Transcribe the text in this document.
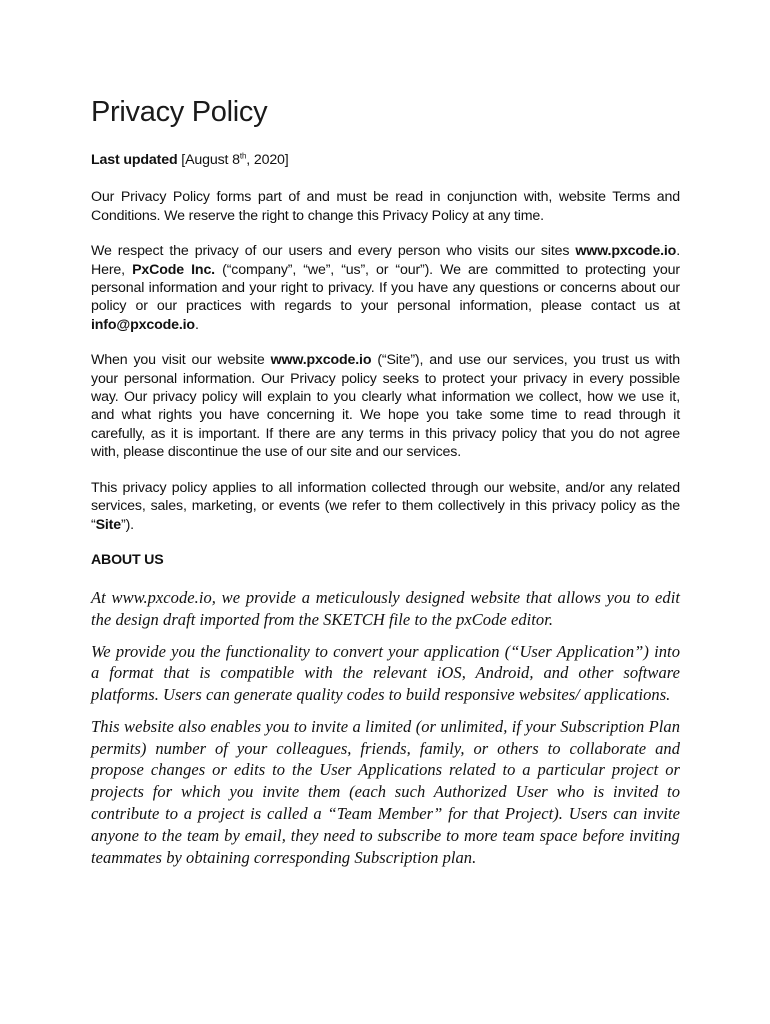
Privacy Policy

Last updated [August 8th, 2020]

Our Privacy Policy forms part of and must be read in conjunction with, website Terms and Conditions. We reserve the right to change this Privacy Policy at any time.

We respect the privacy of our users and every person who visits our sites www.pxcode.io. Here, PxCode Inc. (“company”, “we”, “us”, or “our”). We are committed to protecting your personal information and your right to privacy. If you have any questions or concerns about our policy or our practices with regards to your personal information, please contact us at info@pxcode.io.

When you visit our website www.pxcode.io (“Site”), and use our services, you trust us with your personal information. Our Privacy policy seeks to protect your privacy in every possible way. Our privacy policy will explain to you clearly what information we collect, how we use it, and what rights you have concerning it. We hope you take some time to read through it carefully, as it is important. If there are any terms in this privacy policy that you do not agree with, please discontinue the use of our site and our services.

This privacy policy applies to all information collected through our website, and/or any related services, sales, marketing, or events (we refer to them collectively in this privacy policy as the “Site”).

ABOUT US

At www.pxcode.io, we provide a meticulously designed website that allows you to edit the design draft imported from the SKETCH file to the pxCode editor.

We provide you the functionality to convert your application (“User Application”) into a format that is compatible with the relevant iOS, Android, and other software platforms. Users can generate quality codes to build responsive websites/ applications.

This website also enables you to invite a limited (or unlimited, if your Subscription Plan permits) number of your colleagues, friends, family, or others to collaborate and propose changes or edits to the User Applications related to a particular project or projects for which you invite them (each such Authorized User who is invited to contribute to a project is called a “Team Member” for that Project). Users can invite anyone to the team by email, they need to subscribe to more team space before inviting teammates by obtaining corresponding Subscription plan.
